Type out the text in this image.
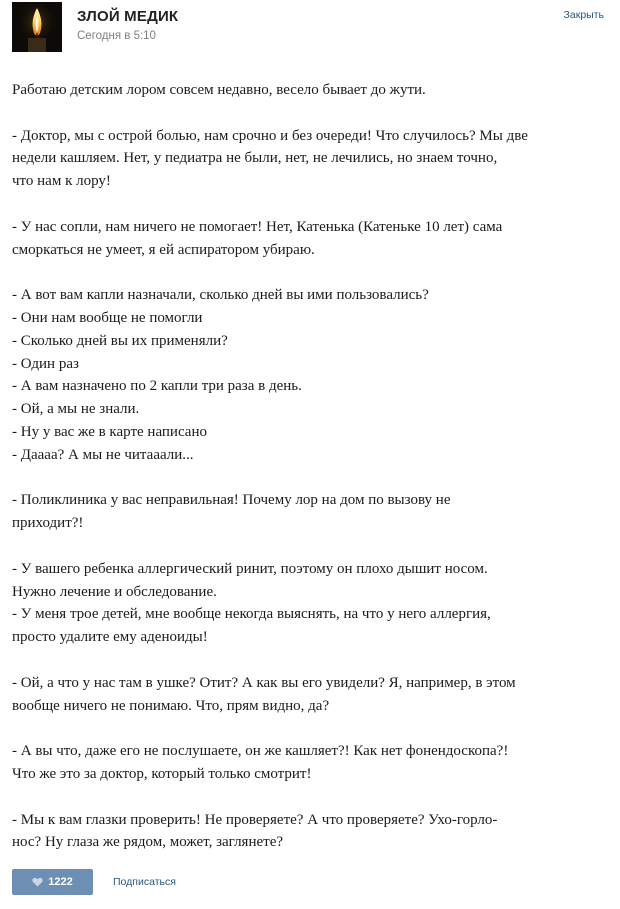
ЗЛОЙ МЕДИК
Сегодня в 5:10
Закрыть
Работаю детским лором совсем недавно, весело бывает до жути.
- Доктор, мы с острой болью, нам срочно и без очереди! Что случилось? Мы две
недели кашляем. Нет, у педиатра не были, нет, не лечились, но знаем точно,
что нам к лору!
- У нас сопли, нам ничего не помогает! Нет, Катенька (Катеньке 10 лет) сама
сморкаться не умеет, я ей аспиратором убираю.
- А вот вам капли назначали, сколько дней вы ими пользовались?
- Они нам вообще не помогли
- Сколько дней вы их применяли?
- Один раз
- А вам назначено по 2 капли три раза в день.
- Ой, а мы не знали.
- Ну у вас же в карте написано
- Даааа? А мы не читааали...
- Поликлиника у вас неправильная! Почему лор на дом по вызову не
приходит?!
- У вашего ребенка аллергический ринит, поэтому он плохо дышит носом.
Нужно лечение и обследование.
- У меня трое детей, мне вообще некогда выяснять, на что у него аллергия,
просто удалите ему аденоиды!
- Ой, а что у нас там в ушке? Отит? А как вы его увидели? Я, например, в этом
вообще ничего не понимаю. Что, прям видно, да?
- А вы что, даже его не послушаете, он же кашляет?! Как нет фонендоскопа?!
Что же это за доктор, который только смотрит!
- Мы к вам глазки проверить! Не проверяете? А что проверяете? Ухо-горло-
нос? Ну глаза же рядом, может, заглянете?
1222	Подписаться
